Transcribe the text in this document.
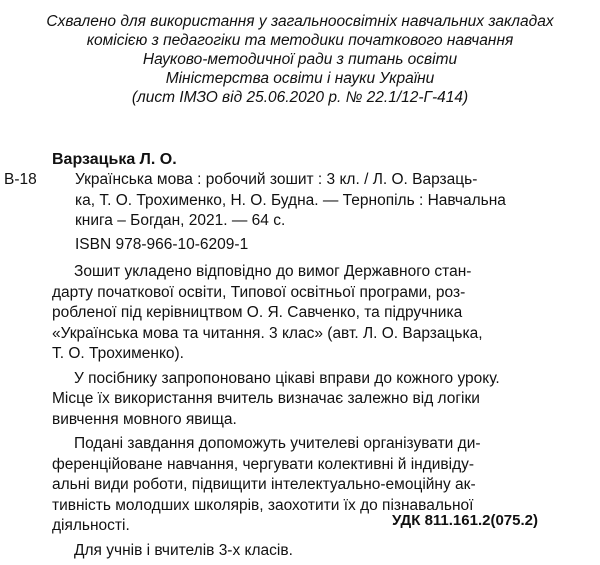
Схвалено для використання у загальноосвітніх навчальних закладах
комісією з педагогіки та методики початкового навчання
Науково-методичної ради з питань освіти
Міністерства освіти і науки України
(лист ІМЗО від 25.06.2020 р. № 22.1/12-Г-414)
Варзацька Л. О.
В-18 Українська мова : робочий зошит : 3 кл. / Л. О. Варзаць-
ка, Т. О. Трохименко, Н. О. Будна. — Тернопіль : Навчальна
книга – Богдан, 2021. — 64 с.
ISBN 978-966-10-6209-1
Зошит укладено відповідно до вимог Державного стан-
дарту початкової освіти, Типової освітньої програми, роз-
робленої під керівництвом О. Я. Савченко, та підручника
«Українська мова та читання. 3 клас» (авт. Л. О. Варзацька,
Т. О. Трохименко).
У посібнику запропоновано цікаві вправи до кожного уроку.
Місце їх використання вчитель визначає залежно від логіки
вивчення мовного явища.
Подані завдання допоможуть учителеві організувати ди-
ференційоване навчання, чергувати колективні й індивіду-
альні види роботи, підвищити інтелектуально-емоційну ак-
тивність молодших школярів, заохотити їх до пізнавальної
діяльності.
Для учнів і вчителів 3-х класів.
УДК 811.161.2(075.2)
